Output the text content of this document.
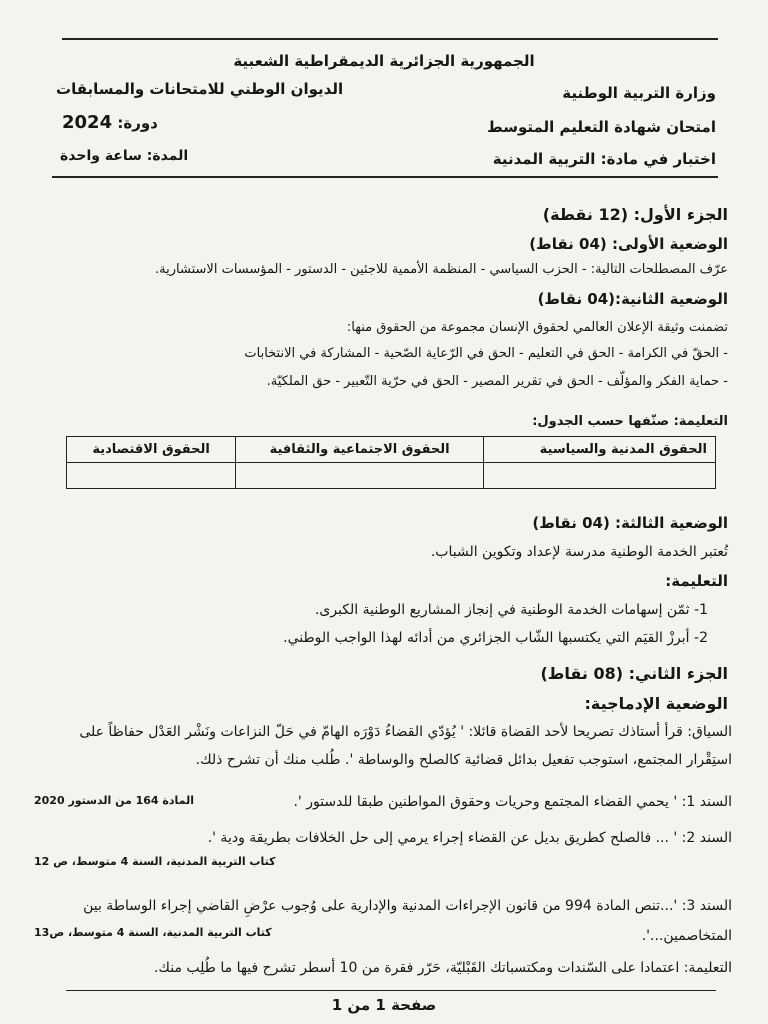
الجمهورية الجزائرية الديمقراطية الشعبية
وزارة التربية الوطنية
الديوان الوطني للامتحانات والمسابقات
امتحان شهادة التعليم المتوسط
دورة: 2024
اختبار في مادة: التربية المدنية
المدة: ساعة واحدة
الجزء الأول: (12 نقطة)
الوضعية الأولى: (04 نقاط)
عرّف المصطلحات التالية: - الحزب السياسي - المنظمة الأممية للاجئين - الدستور - المؤسسات الاستشارية.
الوضعية الثانية:(04 نقاط)
تضمنت وثيقة الإعلان العالمي لحقوق الإنسان مجموعة من الحقوق منها:
- الحقّ في الكرامة - الحق في التعليم - الحق في الرّعاية الصّحية - المشاركة في الانتخابات
- حماية الفكر والمؤلّف - الحق في تقرير المصير - الحق في حرّية التّعبير - حق الملكيّة.
التعليمة: صنّفها حسب الجدول:
الحقوق المدنية والسياسية	الحقوق الاجتماعية والثقافية	الحقوق الاقتصادية

الوضعية الثالثة: (04 نقاط)
تُعتبر الخدمة الوطنية مدرسة لإعداد وتكوين الشباب.
التعليمة:
1- ثمّن إسهامات الخدمة الوطنية في إنجاز المشاريع الوطنية الكبرى.
2- أبرزْ القيَم التي يكتسبها الشّاب الجزائري من أدائه لهذا الواجب الوطني.
الجزء الثاني: (08 نقاط)
الوضعية الإدماجية:
السياق: قرأ أستاذك تصريحا لأحد القضاة قائلا: ' يُؤدّي القضاءُ دَوْرَه الهامّ في حَلّ النزاعات ونَشْر العَدْل حفاظاً على
استِقْرار المجتمع، استوجب تفعيل بدائل قضائية كالصلح والوساطة '. طُلب منك أن تشرح ذلك.
السند 1: ' يحمي القضاء المجتمع وحريات وحقوق المواطنين طبقا للدستور '.
المادة 164 من الدستور 2020
السند 2: ' ... فالصلح كطريق بديل عن القضاء إجراء يرمي إلى حل الخلافات بطريقة ودية '.
كتاب التربية المدنية، السنة 4 متوسط، ص 12
السند 3: '...تنص المادة 994 من قانون الإجراءات المدنية والإدارية على وُجوب عرْضِ القاضي إجراء الوساطة بين
كتاب التربية المدنية، السنة 4 متوسط، ص13	المتخاصمين...'.
التعليمة: اعتمادا على السّندات ومكتسباتك القَبْليّة، حَرّر فقرة من 10 أسطر تشرح فيها ما طُلِب منك.
صفحة 1 من 1
